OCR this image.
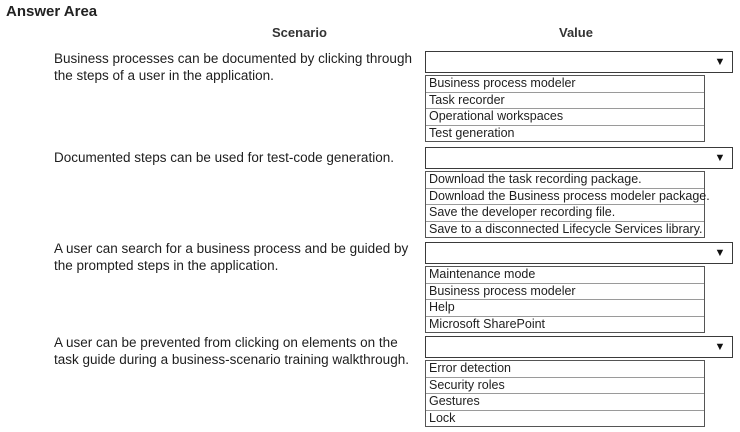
Answer Area
Scenario	Value
Business processes can be documented by clicking through the steps of a user in the application.
▼
Business process modeler
Task recorder
Operational workspaces
Test generation
Documented steps can be used for test-code generation.	▼
Download the task recording package.
Download the Business process modeler package.
Save the developer recording file.
Save to a disconnected Lifecycle Services library.
A user can search for a business process and be guided by the prompted steps in the application.
▼
Maintenance mode
Business process modeler
Help
Microsoft SharePoint
A user can be prevented from clicking on elements on the task guide during a business-scenario training walkthrough.
▼
Error detection
Security roles
Gestures
Lock
